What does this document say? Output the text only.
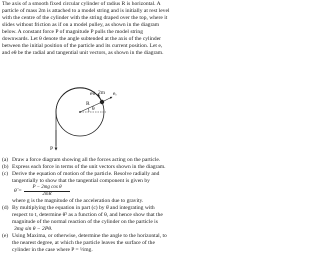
The axis of a smooth fixed circular cylinder of radius R is horizontal. A
particle of mass 2m is attached to a model string and is initially at rest level
with the centre of the cylinder with the string draped over the top, where it
slides without friction as if on a model pulley, as shown in the diagram
below. A constant force P of magnitude P pulls the model string
downwards. Let θ denote the angle subtended at the axis of the cylinder
between the initial position of the particle and its current position. Let eᵣ
and eθ be the radial and tangential unit vectors, as shown in the diagram.
2m
R
θ
eθ	eᵣ
P
(a) Draw a force diagram showing all the forces acting on the particle.
(b) Express each force in terms of the unit vectors shown in the diagram.
(c) Derive the equation of motion of the particle. Resolve radially and
tangentially to show that the tangential component is given by
θ̈ = $\frac{\text{P − 2mg cos θ}}{2mR}$
where g is the magnitude of the acceleration due to gravity.
(d) By multiplying the equation in part (c) by θ̇ and integrating with
respect to t, determine θ̇² as a function of θ, and hence show that the
magnitude of the normal reaction of the cylinder on the particle is
3mg sin θ − 2Pθ.
(e) Using Maxima, or otherwise, determine the angle to the horizontal, to
the nearest degree, at which the particle leaves the surface of the
cylinder in the case where P = ½mg.
